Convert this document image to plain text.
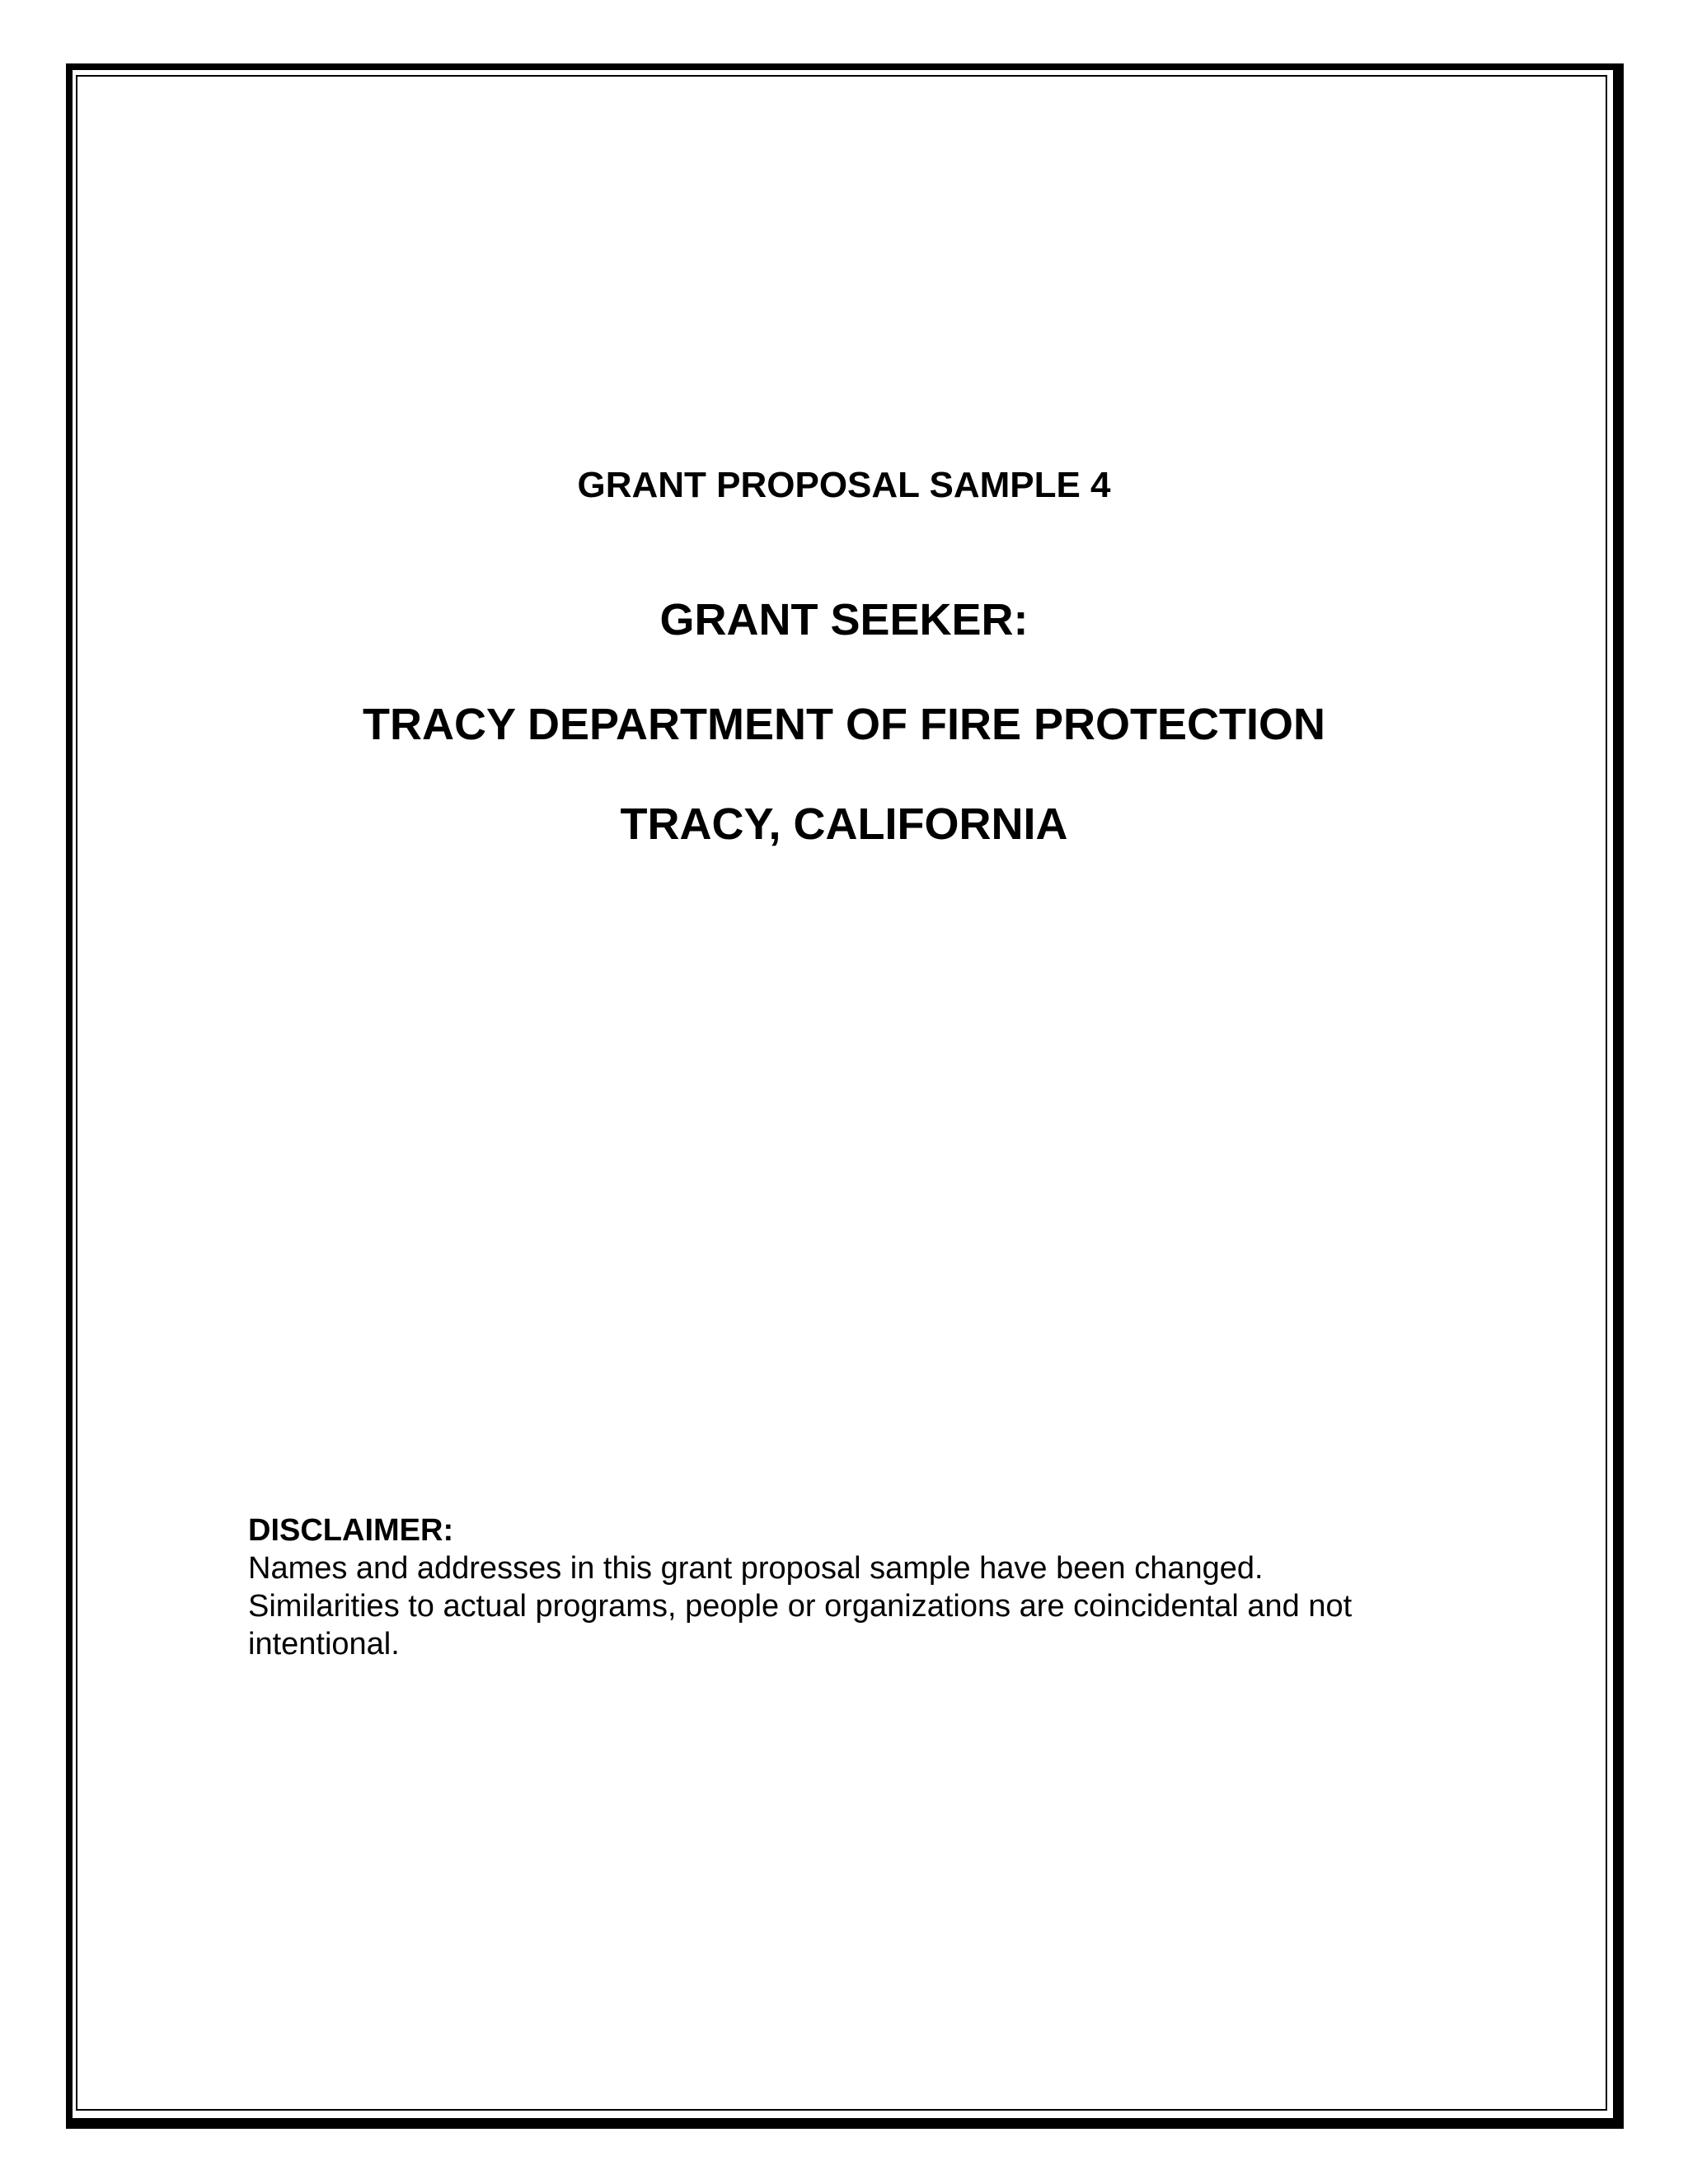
GRANT PROPOSAL SAMPLE 4
GRANT SEEKER:
TRACY DEPARTMENT OF FIRE PROTECTION
TRACY, CALIFORNIA
DISCLAIMER:
Names and addresses in this grant proposal sample have been changed.
Similarities to actual programs, people or organizations are coincidental and not
intentional.
